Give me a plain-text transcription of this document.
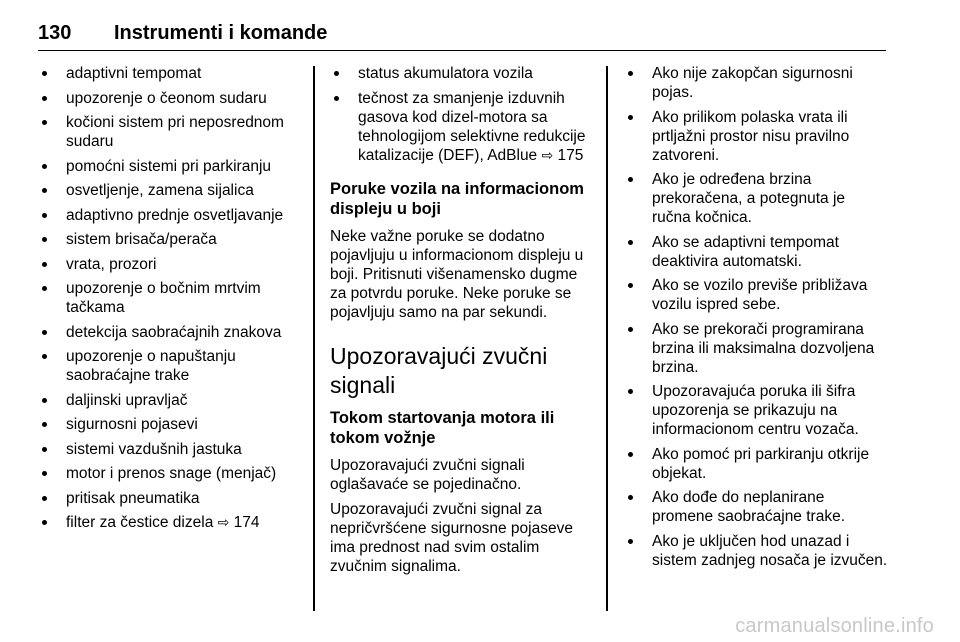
130 Instrumenti i komande
adaptivni tempomat
upozorenje o čeonom sudaru
kočioni sistem pri neposrednom sudaru
pomoćni sistemi pri parkiranju
osvetljenje, zamena sijalica
adaptivno prednje osvetljavanje
sistem brisača/perača
vrata, prozori
upozorenje o bočnim mrtvim tačkama
detekcija saobraćajnih znakova
upozorenje o napuštanju saobraćajne trake
daljinski upravljač
sigurnosni pojasevi
sistemi vazdušnih jastuka
motor i prenos snage (menjač)
pritisak pneumatika
filter za čestice dizela ⇨ 174
status akumulatora vozila
tečnost za smanjenje izduvnih gasova kod dizel-motora sa tehnologijom selektivne redukcije katalizacije (DEF), AdBlue ⇨ 175
Poruke vozila na informacionom displeju u boji

Neke važne poruke se dodatno pojavljuju u informacionom displeju u boji. Pritisnuti višenamensko dugme za potvrdu poruke. Neke poruke se pojavljuju samo na par sekundi.

Upozoravajući zvučni signali
Tokom startovanja motora ili tokom vožnje

Upozoravajući zvučni signali oglašavaće se pojedinačno.

Upozoravajući zvučni signal za nepričvršćene sigurnosne pojaseve ima prednost nad svim ostalim zvučnim signalima.

Ako nije zakopčan sigurnosni pojas.
Ako prilikom polaska vrata ili prtljažni prostor nisu pravilno zatvoreni.
Ako je određena brzina prekoračena, a potegnuta je ručna kočnica.
Ako se adaptivni tempomat deaktivira automatski.
Ako se vozilo previše približava vozilu ispred sebe.
Ako se prekorači programirana brzina ili maksimalna dozvoljena brzina.
Upozoravajuća poruka ili šifra upozorenja se prikazuju na informacionom centru vozača.
Ako pomoć pri parkiranju otkrije objekat.
Ako dođe do neplanirane promene saobraćajne trake.
Ako je uključen hod unazad i sistem zadnjeg nosača je izvučen.
carmanualsonline.info
